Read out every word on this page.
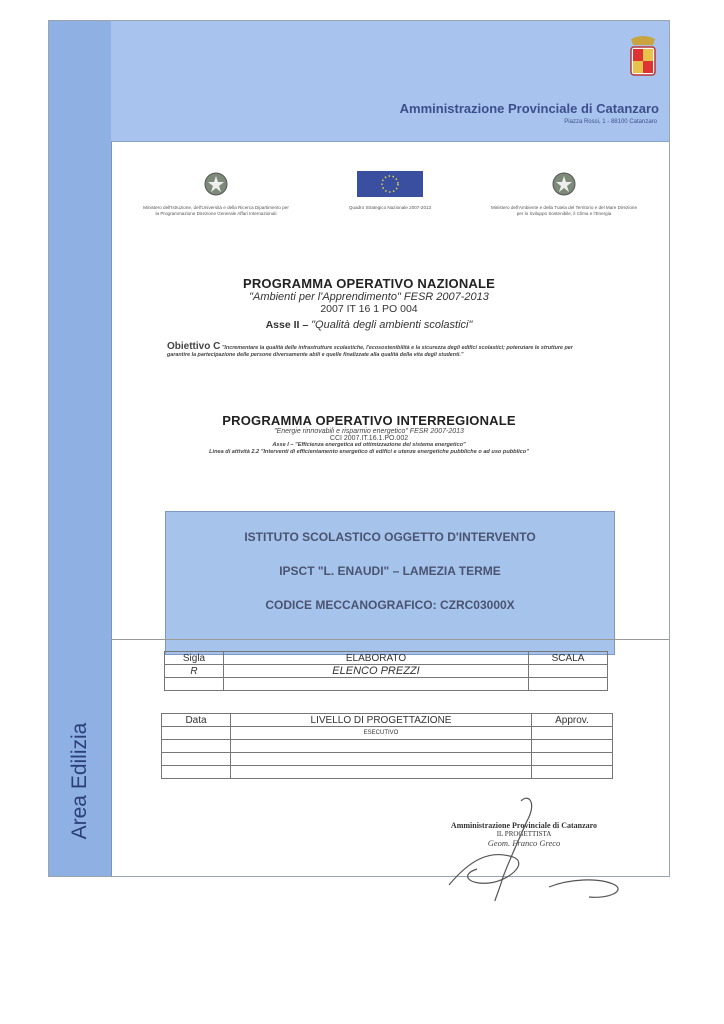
Area Edilizia
Amministrazione Provinciale di Catanzaro
Piazza Rossi, 1 - 88100 Catanzaro
Ministero dell'Istruzione, dell'Università e della Ricerca Dipartimento per la Programmazione Direzione Generale Affari Internazionali
Quadro Strategico Nazionale 2007-2013	Ministero dell'Ambiente e della Tutela del Territorio e del Mare Direzione per lo Sviluppo Sostenibile, il Clima e l'Energia
PROGRAMMA OPERATIVO NAZIONALE
"Ambienti per l'Apprendimento" FESR 2007-2013
2007 IT 16 1 PO 004
Asse II – "Qualità degli ambienti scolastici"
Obiettivo C "Incrementare la qualità delle infrastrutture scolastiche, l'ecosostenibilità e la sicurezza degli edifici scolastici; potenziare le strutture per garantire la partecipazione delle persone diversamente abili e quelle finalizzate alla qualità della vita degli studenti."
PROGRAMMA OPERATIVO INTERREGIONALE
"Energie rinnovabili e risparmio energetico" FESR 2007-2013
CCI 2007.IT.16.1.PO.002
Asse I – "Efficienza energetica ed ottimizzazione del sistema energetico"
Linea di attività 2.2 "Interventi di efficientamento energetico di edifici e utenze energetiche pubbliche o ad uso pubblico"
ISTITUTO SCOLASTICO OGGETTO D'INTERVENTO
IPSCT "L. ENAUDI" – LAMEZIA TERME
CODICE MECCANOGRAFICO: CZRC03000X
Sigla	ELABORATO	SCALA
R	ELENCO PREZZI	

Data	LIVELLO DI PROGETTAZIONE	Approv.
	ESECUTIVO	

Amministrazione Provinciale di Catanzaro
IL PROGETTISTA
Geom. Franco Greco
